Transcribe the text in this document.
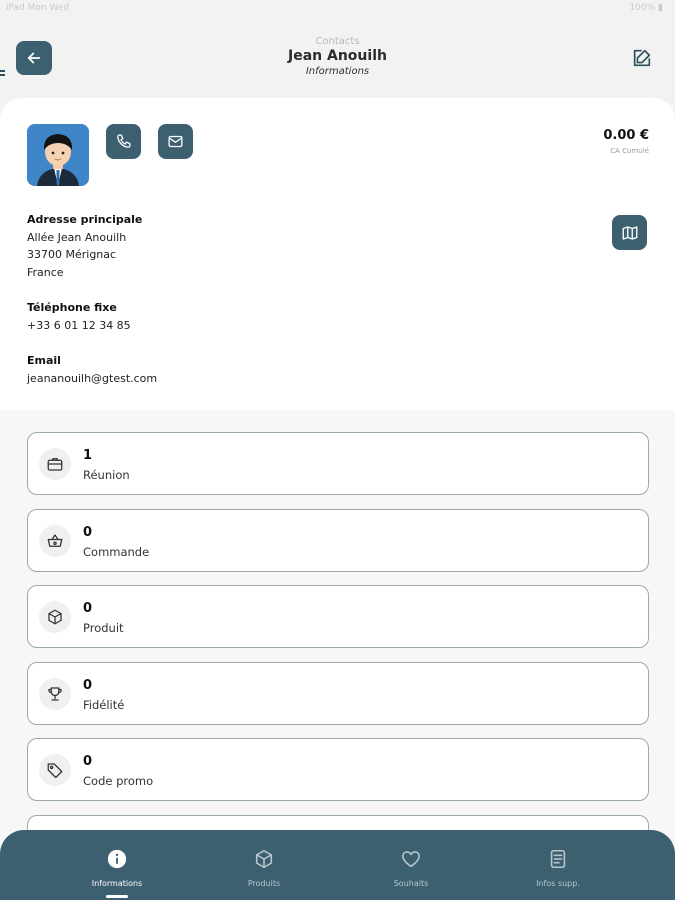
iPad Mon Wed	100% ▮
Contacts
Jean Anouilh
Informations
0.00 €
CA Cumulé
Adresse principale
Allée Jean Anouilh
33700 Mérignac
France
Téléphone fixe
+33 6 01 12 34 85
Email
jeananouilh@gtest.com
1
Réunion
0
Commande
0
Produit
0
Fidélité
0
Code promo
Informations	Produits	Souhaits	Infos supp.
